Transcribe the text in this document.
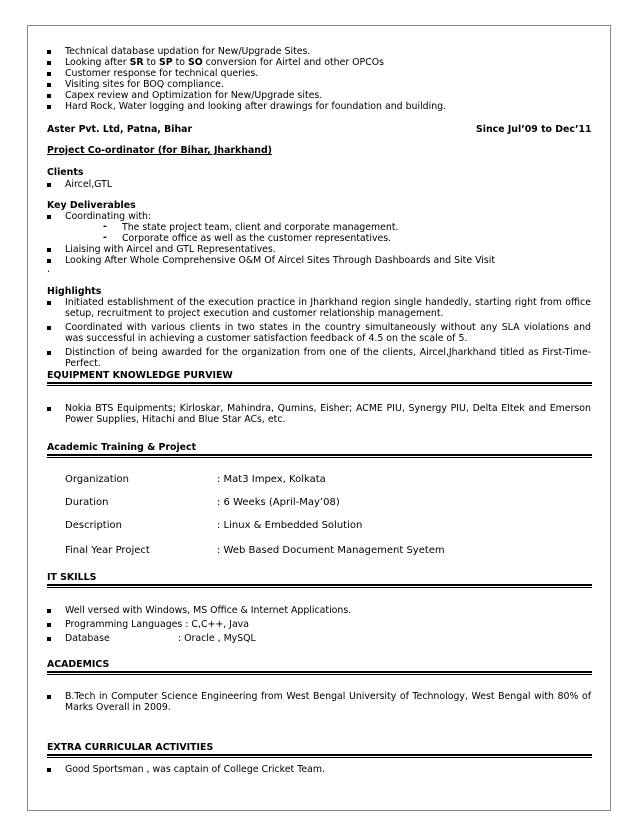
Technical database updation for New/Upgrade Sites.
Looking after SR to SP to SO conversion for Airtel and other OPCOs
Customer response for technical queries.
Visiting sites for BOQ compliance.
Capex review and Optimization for New/Upgrade sites.
Hard Rock, Water logging and looking after drawings for foundation and building.
Aster Pvt. Ltd, Patna, Bihar	Since Jul’09 to Dec’11
Project Co-ordinator (for Bihar, Jharkhand)
Clients
Aircel,GTL
Key Deliverables
Coordinating with:
- The state project team, client and corporate management.
- Corporate office as well as the customer representatives.
Liaising with Aircel and GTL Representatives.
Looking After Whole Comprehensive O&M Of Aircel Sites Through Dashboards and Site Visit
.
Highlights
Initiated establishment of the execution practice in Jharkhand region single handedly, starting right from office setup, recruitment to project execution and customer relationship management.
Coordinated with various clients in two states in the country simultaneously without any SLA violations and was successful in achieving a customer satisfaction feedback of 4.5 on the scale of 5.
Distinction of being awarded for the organization from one of the clients, Aircel,Jharkhand titled as First-Time-Perfect.
EQUIPMENT KNOWLEDGE PURVIEW
Nokia BTS Equipments; Kirloskar, Mahindra, Qumins, Eisher; ACME PIU, Synergy PIU, Delta Eltek and Emerson Power Supplies, Hitachi and Blue Star ACs, etc.
Academic Training & Project
Organization	: Mat3 Impex, Kolkata
Duration	: 6 Weeks (April-May’08)
Description	: Linux & Embedded Solution
Final Year Project	: Web Based Document Management Syetem
IT SKILLS
Well versed with Windows, MS Office & Internet Applications.
Programming Languages : C,C++, Java
Database	: Oracle , MySQL
ACADEMICS
B.Tech in Computer Science Engineering from West Bengal University of Technology, West Bengal with 80% of Marks Overall in 2009.
EXTRA CURRICULAR ACTIVITIES
Good Sportsman , was captain of College Cricket Team.
